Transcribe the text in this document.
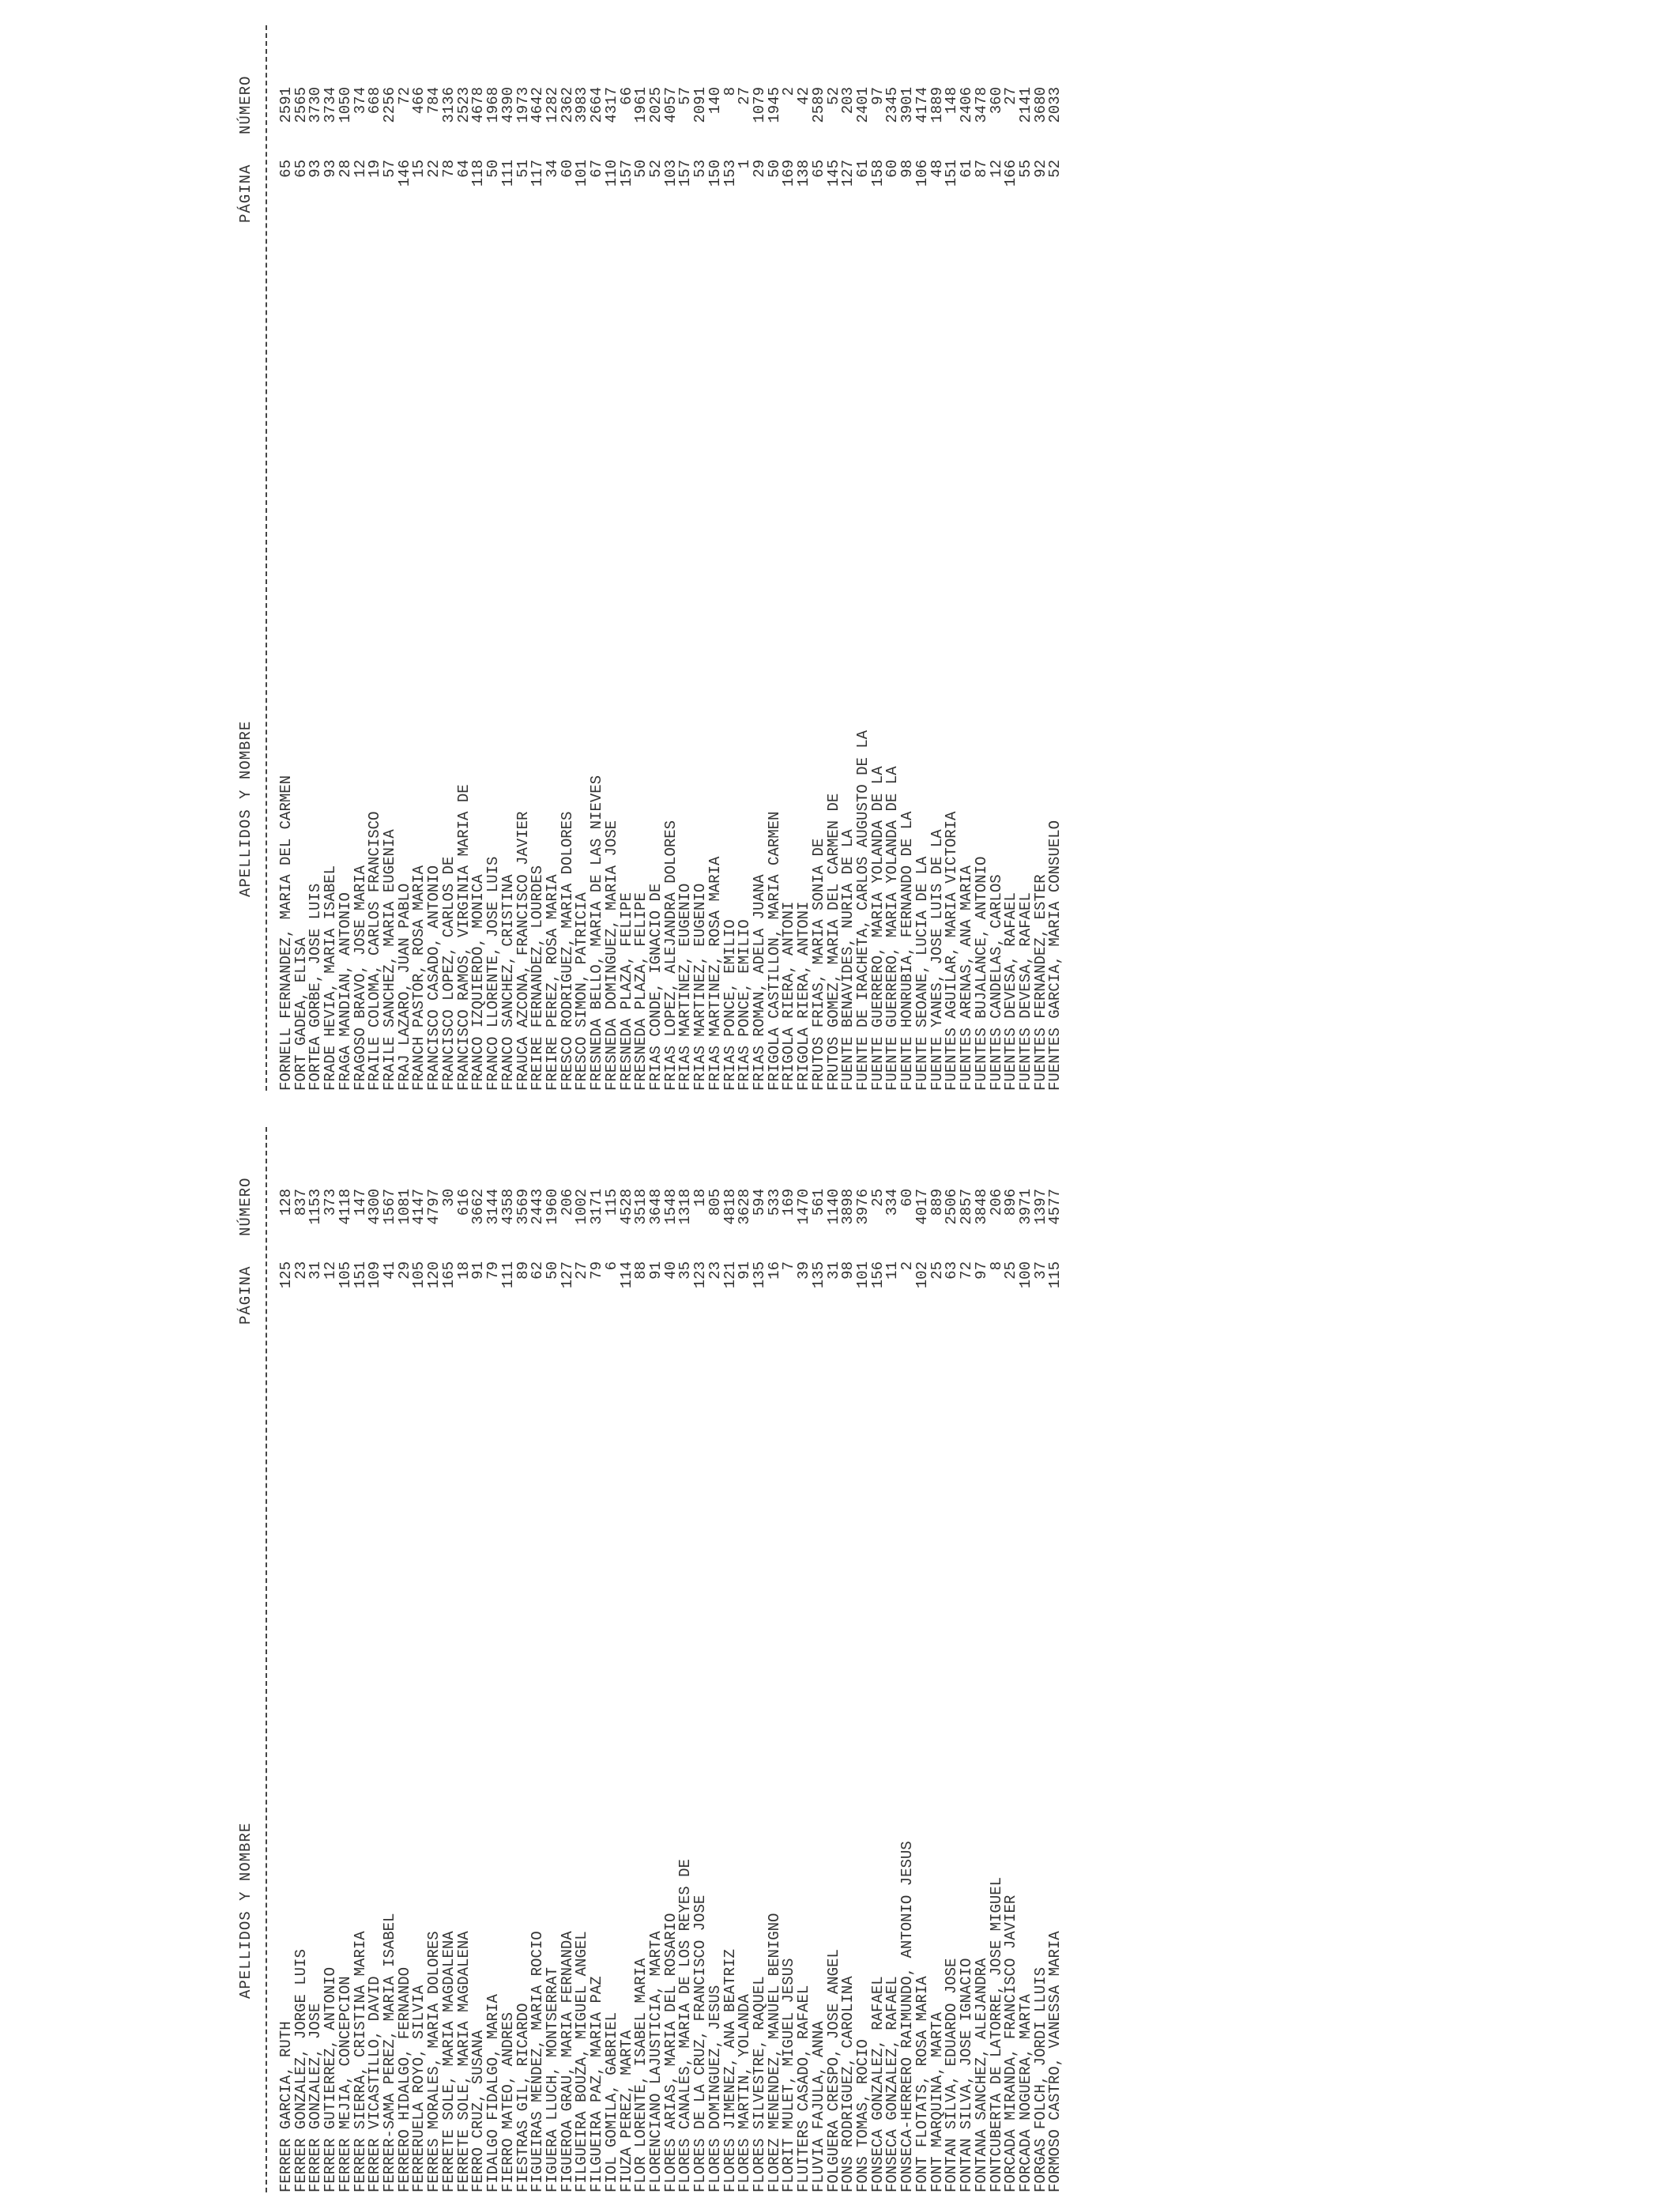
APELLIDOS Y NOMBRE
PÁGINA
NÚMERO
FERRER GARCIA, RUTH
125
128
FERRER GONZALEZ, JORGE LUIS
23
837
FERRER GONZALEZ, JOSE
31
1153
FERRER GUTIERREZ, ANTONIO
12
373
FERRER MEJIA, CONCEPCION
105
4118
FERRER SIERRA, CRISTINA MARIA
151
147
FERRER VICASTILLO, DAVID
109
4300
FERRER-SAMA PEREZ, MARIA ISABEL
41
1567
FERRERO HIDALGO, FERNANDO
29
1081
FERRERUELA ROYO, SILVIA
105
4147
FERRES MORALES, MARIA DOLORES
120
4797
FERRETE SOLE, MARIA MAGDALENA
165
30
FERRETE SOLE, MARIA MAGDALENA
18
616
FERRO CRUZ, SUSANA
91
3662
FIDALGO FIDALGO, MARIA
79
3144
FIERRO MATEO, ANDRES
111
4358
FIESTRAS GIL, RICARDO
89
3569
FIGUEIRAS MENDEZ, MARIA ROCIO
62
2443
FIGUERA LLUCH, MONTSERRAT
50
1960
FIGUEROA GRAU, MARIA FERNANDA
127
206
FILGUEIRA BOUZA, MIGUEL ANGEL
27
1002
FILGUEIRA PAZ, MARIA PAZ
79
3171
FIOL GOMILA, GABRIEL
6
115
FIUZA PEREZ, MARTA
114
4528
FLOR LORENTE, ISABEL MARIA
88
3518
FLORENCIANO LAJUSTICIA, MARTA
91
3648
FLORES ARIAS, MARIA DEL ROSARIO
40
1548
FLORES CANALES, MARIA DE LOS REYES DE
35
1318
FLORES DE LA CRUZ, FRANCISCO JOSE
123
18
FLORES DOMINGUEZ, JESUS
23
805
FLORES JIMENEZ, ANA BEATRIZ
121
4818
FLORES MARTIN, YOLANDA
91
3628
FLORES SILVESTRE, RAQUEL
135
594
FLOREZ MENENDEZ, MANUEL BENIGNO
16
533
FLORIT MULET, MIGUEL JESUS
7
169
FLUITERS CASADO, RAFAEL
39
1470
FLUVIA FAJULA, ANNA
135
561
FOLGUERA CRESPO, JOSE ANGEL
31
1140
FONS RODRIGUEZ, CAROLINA
98
3898
FONS TOMAS, ROCIO
101
3976
FONSECA GONZALEZ, RAFAEL
156
25
FONSECA GONZALEZ, RAFAEL
11
334
FONSECA-HERRERO RAIMUNDO, ANTONIO JESUS
2
60
FONT FLOTATS, ROSA MARIA
102
4017
FONT MARQUINA, MARTA
25
889
FONTAN SILVA, EDUARDO JOSE
63
2506
FONTAN SILVA, JOSE IGNACIO
72
2857
FONTANA SANCHEZ, ALEJANDRA
97
3848
FONTCUBERTA DE LATORRE, JOSE MIGUEL
8
206
FORCADA MIRANDA, FRANCISCO JAVIER
25
896
FORCADA NOGUERA, MARTA
100
3971
FORGAS FOLCH, JORDI LLUIS
37
1397
FORMOSO CASTRO, VANESSA MARIA
115
4577
APELLIDOS Y NOMBRE
PÁGINA
NÚMERO
FORNELL FERNANDEZ, MARIA DEL CARMEN
65
2591
FORT GADEA, ELISA
65
2565
FORTEA GORBE, JOSE LUIS
93
3730
FRADE HEVIA, MARIA ISABEL
93
3734
FRAGA MANDIAN, ANTONIO
28
1050
FRAGOSO BRAVO, JOSE MARIA
12
374
FRAILE COLOMA, CARLOS FRANCISCO
19
668
FRAILE SANCHEZ, MARIA EUGENIA
57
2256
FRAJ LAZARO, JUAN PABLO
146
72
FRANCH PASTOR, ROSA MARIA
15
466
FRANCISCO CASADO, ANTONIO
22
784
FRANCISCO LOPEZ, CARLOS DE
78
3136
FRANCISCO RAMOS, VIRGINIA MARIA DE
64
2523
FRANCO IZQUIERDO, MONICA
118
4678
FRANCO LLORENTE, JOSE LUIS
50
1968
FRANCO SANCHEZ, CRISTINA
111
4390
FRAUCA AZCONA, FRANCISCO JAVIER
51
1973
FREIRE FERNANDEZ, LOURDES
117
4642
FREIRE PEREZ, ROSA MARIA
34
1282
FRESCO RODRIGUEZ, MARIA DOLORES
60
2362
FRESCO SIMON, PATRICIA
101
3983
FRESNEDA BELLO, MARIA DE LAS NIEVES
67
2664
FRESNEDA DOMINGUEZ, MARIA JOSE
110
4317
FRESNEDA PLAZA, FELIPE
157
66
FRESNEDA PLAZA, FELIPE
50
1961
FRIAS CONDE, IGNACIO DE
52
2025
FRIAS LOPEZ, ALEJANDRA DOLORES
103
4057
FRIAS MARTINEZ, EUGENIO
157
57
FRIAS MARTINEZ, EUGENIO
53
2091
FRIAS MARTINEZ, ROSA MARIA
150
140
FRIAS PONCE, EMILIO
153
8
FRIAS PONCE, EMILIO
1
27
FRIAS ROMAN, ADELA JUANA
29
1079
FRIGOLA CASTILLON, MARIA CARMEN
50
1945
FRIGOLA RIERA, ANTONI
169
2
FRIGOLA RIERA, ANTONI
138
42
FRUTOS FRIAS, MARIA SONIA DE
65
2589
FRUTOS GOMEZ, MARIA DEL CARMEN DE
145
52
FUENTE BENAVIDES, NURIA DE LA
127
203
FUENTE DE IRACHETA, CARLOS AUGUSTO DE LA
61
2401
FUENTE GUERRERO, MARIA YOLANDA DE LA
158
97
FUENTE GUERRERO, MARIA YOLANDA DE LA
60
2345
FUENTE HONRUBIA, FERNANDO DE LA
98
3901
FUENTE SEOANE, LUCIA DE LA
106
4174
FUENTE YANES, JOSE LUIS DE LA
48
1889
FUENTES AGUILAR, MARIA VICTORIA
151
148
FUENTES ARENAS, ANA MARIA
61
2406
FUENTES BUJALANCE, ANTONIO
87
3478
FUENTES CANDELAS, CARLOS
12
360
FUENTES DEVESA, RAFAEL
166
27
FUENTES DEVESA, RAFAEL
55
2141
FUENTES FERNANDEZ, ESTER
92
3680
FUENTES GARCIA, MARIA CONSUELO
52
2033
